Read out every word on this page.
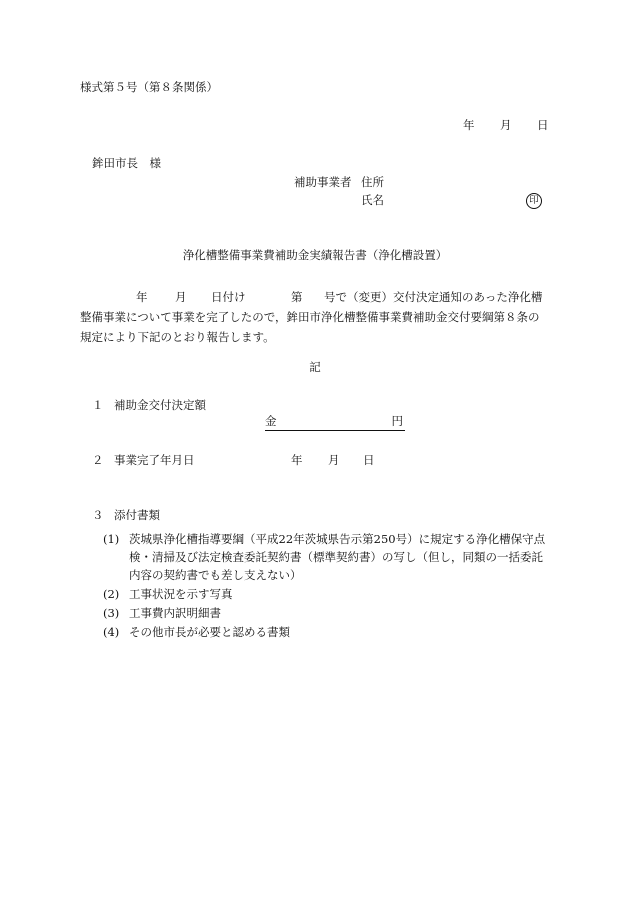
様式第５号（第８条関係）
年 月 日
鉾田市長　様
補助事業者 住所
氏名	印
浄化槽整備事業費補助金実績報告書（浄化槽設置）
年 月 日付け	第 号で（変更）交付決定通知のあった浄化槽
整備事業について事業を完了したので，鉾田市浄化槽整備事業費補助金交付要綱第８条の
規定により下記のとおり報告します。
記
１ 補助金交付決定額
金	円
２ 事業完了年月日	年 月 日
３ 添付書類
(1) 茨城県浄化槽指導要綱（平成22年茨城県告示第250号）に規定する浄化槽保守点
検・清掃及び法定検査委託契約書（標準契約書）の写し（但し，同類の一括委託
内容の契約書でも差し支えない）
(2) 工事状況を示す写真
(3) 工事費内訳明細書
(4) その他市長が必要と認める書類
